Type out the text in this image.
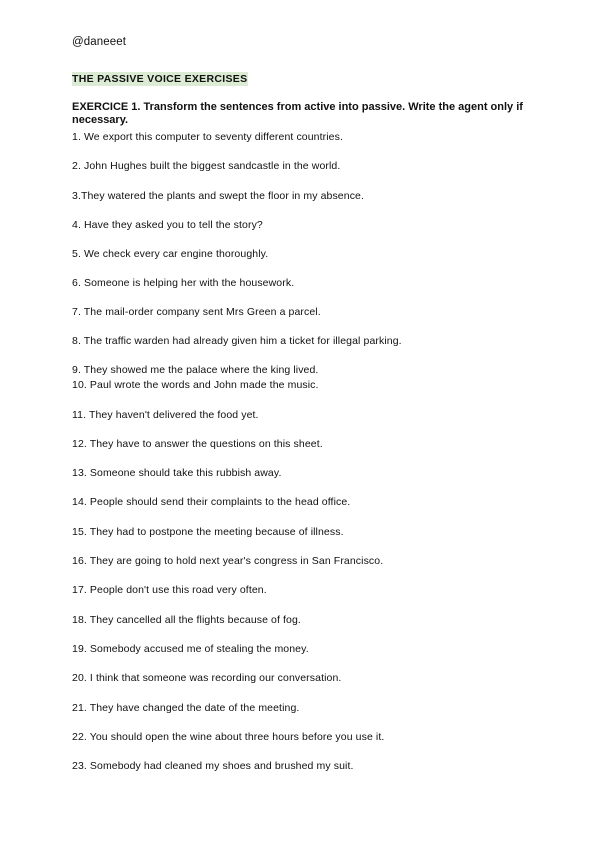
@daneeet
THE PASSIVE VOICE EXERCISES
EXERCICE 1. Transform the sentences from active into passive. Write the agent only if necessary.
1. We export this computer to seventy different countries.
2. John Hughes built the biggest sandcastle in the world.
3.They watered the plants and swept the floor in my absence.
4. Have they asked you to tell the story?
5. We check every car engine thoroughly.
6. Someone is helping her with the housework.
7. The mail-order company sent Mrs Green a parcel.
8. The traffic warden had already given him a ticket for illegal parking.
9. They showed me the palace where the king lived.
10. Paul wrote the words and John made the music.
11. They haven't delivered the food yet.
12. They have to answer the questions on this sheet.
13. Someone should take this rubbish away.
14. People should send their complaints to the head office.
15. They had to postpone the meeting because of illness.
16. They are going to hold next year's congress in San Francisco.
17. People don't use this road very often.
18. They cancelled all the flights because of fog.
19. Somebody accused me of stealing the money.
20. I think that someone was recording our conversation.
21. They have changed the date of the meeting.
22. You should open the wine about three hours before you use it.
23. Somebody had cleaned my shoes and brushed my suit.
